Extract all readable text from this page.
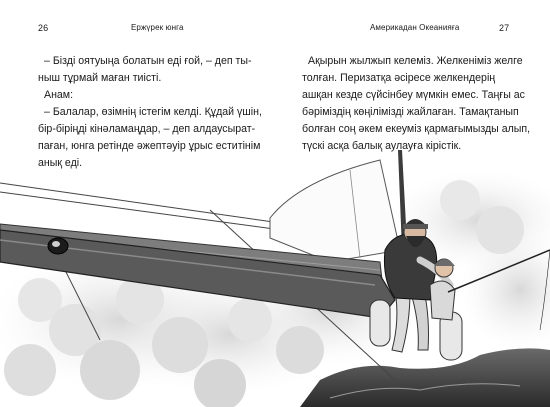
26	Ержүрек юнга
– Бізді оятуыңа болатын еді ғой, – деп ты-
ныш тұрмай маған тиісті.
Анам:
– Балалар, өзімнің істегім келді. Құдай үшін,
бір-біріңді кінәламаңдар, – деп алдаусырат-
паған, юнга ретінде әжептәуір ұрыс еститінім
анық еді.
Америкадан Океанияға	27
Ақырын жылжып келеміз. Желкеніміз желге
толған. Перизатқа әсіресе желкендерің
ашқан кезде сүйсінбеу мүмкін емес. Таңғы ас
бәріміздің көңіліміздi жайлаған. Тамақтанып
болған соң әкем екеуміз қармағымызды алып,
түскі асқа балық аулауға кірістік.
